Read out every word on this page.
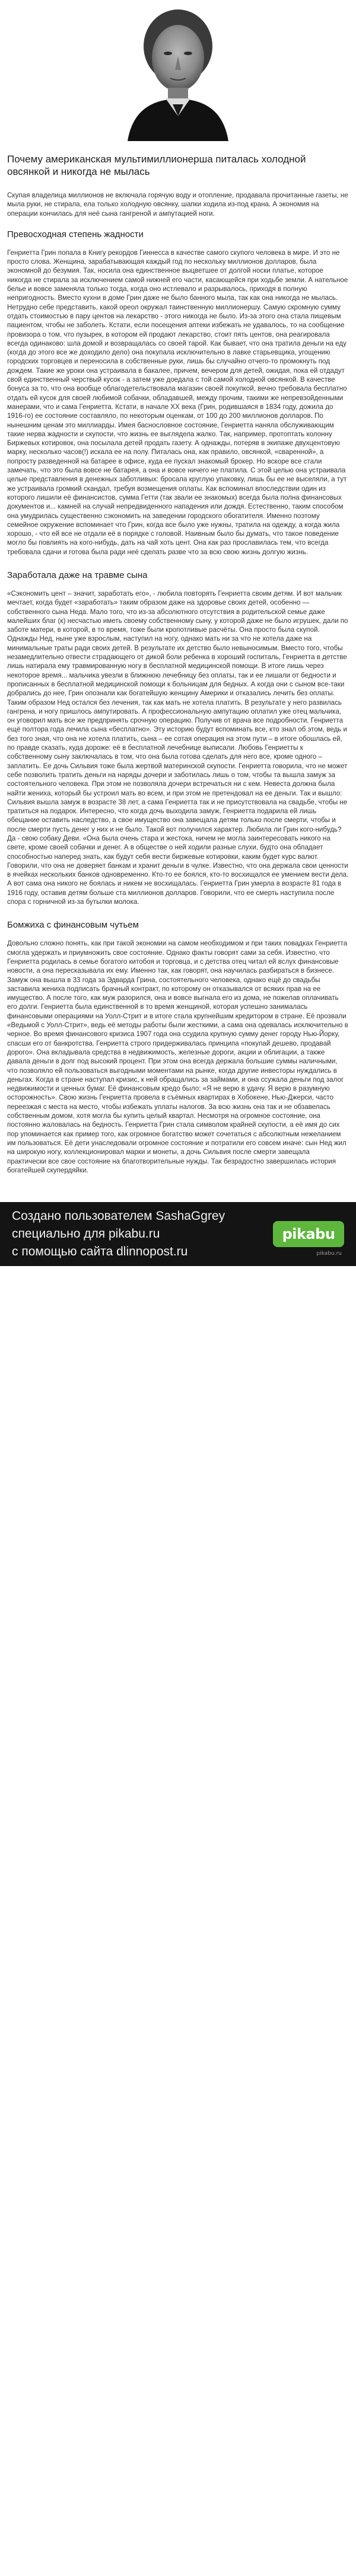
Почему американская мультимиллионерша питалась холодной овсянкой и никогда не мылась

Скупая владелица миллионов не включала горячую воду и отопление, продавала прочитанные газеты, не мыла руки, не стирала, ела только холодную овсянку, шапки ходила из-под крана. А экономия на операции кончилась для неё сына гангреной и ампутацией ноги.

Превосходная степень жадности

Генриетта Грин попала в Книгу рекордов Гиннесса в качестве самого скупого человека в мире. И это не просто слова. Женщина, зарабатывающая каждый год по нескольку миллионов долларов, была экономной до безумия. Так, носила она единственное выцветшее от долгой носки платье, которое никогда не стирала за исключением самой нижней его части, касающейся при ходьбе земли. А нательное белье и вовсе заменяла только тогда, когда оно истлевало и разрывалось, приходя в полную непригодность. Вместо кухни в доме Грин даже не было банного мыла, так как она никогда не мылась. Нетрудно себе представить, какой ореол окружал таинственную миллионершу. Самую скромную сумму отдать стоимостью в пару центов на лекарство - этого никогда не было. Из-за этого она стала пищевым пациентом, чтобы не заболеть. Кстати, если посещения аптеки избежать не удавалось, то на сообщение провизора о том, что пузырек, в котором ей продают лекарство, стоит пять центов, она реагировала всегда одинаково: шла домой и возвращалась со своей тарой. Как бывает, что она тратила деньги на еду (когда до этого все же доходило дело) она покупала исключительно в лавке старьевщика, угощению городских торговцев и переносила в собственные руки, лишь бы случайно отчего-то промокнуть под дождем. Такие же уроки она устраивала в бакалее, причем, вечером для детей, ожидая, пока ей отдадут свой единственный черствый кусок - а затем уже доедала с той самой холодной овсянкой. В качестве бонуса за то, что она вообще облагодетельствовала магазин своей покупкой, вечно требовала бесплатно отдать ей кусок для своей любимой собачки, обладавшей, между прочим, такими же непревзойденными манерами, что и сама Генриетта. Кстати, в начале XX века (Грин, родившаяся в 1834 году, дожила до 1916-го) ее состояние составляло, по некоторым оценкам, от 100 до 200 миллионов долларов. По нынешним ценам это миллиарды. Имея баснословное состояние, Генриетта наняла обслуживающим такие нерва жадности и скупости, что жизнь ее выглядела жалко. Так, например, протоптать колонну Биржевых котировок, она посылала детей продать газету. А однажды, потеряв в экипаже двухцентовую марку, несколько часов(!) искала ее на полу. Питалась она, как правило, овсянкой, «сваренной», а попросту разведенной на батарее в офисе, куда ее пускал знакомый брокер. Но вскоре все стали замечать, что это была вовсе не батарея, а она и вовсе ничего не платила. С этой целью она устраивала целые представления в денежных заботливых: бросала круглую упаковку, лишь бы ее не выселяли, а тут же устраивала громкий скандал, требуя возмещения оплаты. Как вспоминал впоследствии один из которого лишили её финансистов, сумма Гетти (так звали ее знакомых) всегда была полна финансовых документов и... камней на случай непредвиденного нападения или дождя. Естественно, таким способом она умудрилась существенно сэкономить на заведении городского обогатителя. Именно поэтому семейное окружение вспоминает что Грин, когда все было уже нужны, тратила на одежду, а когда жила хорошо, - что ей все не отдали её в порядке с головой. Наивным было бы думать, что такое поведение могло бы повлиять на кого-нибудь, дать на чай хоть цент. Она как раз прославилась тем, что всегда требовала сдачи и готова была ради неё сделать разве что за всю свою жизнь долгую жизнь.

Заработала даже на травме сына

«Сэкономить цент – значит, заработать его», - любила повторять Генриетта своим детям. И вот мальчик мечтает, когда будет «заработать» таким образом даже на здоровье своих детей, особенно — собственного сына Неда. Мало того, что из-за абсолютного отсутствия в родительской семье даже малейших благ (к) несчастью иметь своему собственному сыну, у которой даже не было игрушек, дали по заботе матери, в которой, в то время, тоже были кропотливые расчёты. Она просто была скупой. Однажды Нед, ныне уже взрослым, наступил на ногу, однако мать ни за что не хотела даже на минимальные траты ради своих детей. В результате их детство было невыносимым. Вместо того, чтобы незамедлительно отвести страдающего от дикой боли ребенка в хороший госпиталь, Генриетта в детстве лишь натирала ему травмированную ногу в бесплатной медицинской помощи. В итоге лишь через некоторое время... мальчика увезли в ближнюю лечебницу без оплаты, так и ее лишали от бедности и прописанных в бесплатной медицинской помощи к больницам для бедных. А когда они с сыном все-таки добрались до нее, Грин опознали как богатейшую женщину Америки и отказались лечить без оплаты. Таким образом Нед остался без лечения, так как мать не хотела платить. В результате у него развилась гангрена, и ногу пришлось ампутировать. А профессиональную ампутацию оплатил уже отец мальчика, он уговорил мать все же предпринять срочную операцию. Получив от врача все подробности, Генриетта ещё полтора года лечила сына «бесплатно». Эту историю будут вспоминать все, кто знал об этом, ведь и без того зная, что она не хотела платить, сына – ее сотая операция на этом пути – в итоге обошлась ей, по правде сказать, куда дороже: её в бесплатной лечебнице выписали. Любовь Генриетты к собственному сыну заключалась в том, что она была готова сделать для него все, кроме одного – заплатить. Ее дочь Сильвия тоже была жертвой материнской скупости. Генриетта говорила, что не может себе позволить тратить деньги на наряды дочери и заботилась лишь о том, чтобы та вышла замуж за состоятельного человека. При этом не позволяла дочери встречаться ни с кем. Невеста должна была найти жениха, который бы устроил мать во всем, и при этом не претендовал на ее деньги. Так и вышло: Сильвия вышла замуж в возрасте 38 лет, а сама Генриетта так и не присутствовала на свадьбе, чтобы не тратиться на подарок. Интересно, что когда дочь выходила замуж, Генриетта подарила ей лишь обещание оставить наследство, а свое имущество она завещала детям только после смерти, чтобы и после смерти пусть денег у них и не было. Такой вот получился характер. Любила ли Грин кого-нибудь? Да - свою собаку Деви. «Она была очень стара и жестока, ничем не могла заинтересовать никого на свете, кроме своей собачки и денег. А в обществе о ней ходили разные слухи, будто она обладает способностью наперед знать, как будут себя вести биржевые котировки, каким будет курс валют. Говорили, что она не доверяет банкам и хранит деньги в чулке. Известно, что она держала свои ценности в ячейках нескольких банков одновременно. Кто-то ее боялся, кто-то восхищался ее умением вести дела. А вот сама она никого не боялась и никем не восхищалась. Генриетта Грин умерла в возрасте 81 года в 1916 году, оставив детям больше ста миллионов долларов. Говорили, что ее смерть наступила после спора с горничной из-за бутылки молока.

Бомжиха с финансовым чутьем

Довольно сложно понять, как при такой экономии на самом необходимом и при таких повадках Генриетта смогла удержать и приумножить свое состояние. Однако факты говорят сами за себя. Известно, что Генриетта родилась в семье богатого китобоя и торговца, и с детства отец читал ей вслух финансовые новости, а она пересказывала их ему. Именно так, как говорят, она научилась разбираться в бизнесе. Замуж она вышла в 33 года за Эдварда Грина, состоятельного человека, однако ещё до свадьбы заставила жениха подписать брачный контракт, по которому он отказывался от всяких прав на ее имущество. А после того, как муж разорился, она и вовсе выгнала его из дома, не пожелав оплачивать его долги. Генриетта была единственной в то время женщиной, которая успешно занималась финансовыми операциями на Уолл-Стрит и в итоге стала крупнейшим кредитором в стране. Её прозвали «Ведьмой с Уолл-Стрит», ведь её методы работы были жесткими, а сама она одевалась исключительно в черное. Во время финансового кризиса 1907 года она ссудила крупную сумму денег городу Нью-Йорку, спасши его от банкротства. Генриетта строго придерживалась принципа «покупай дешево, продавай дорого». Она вкладывала средства в недвижимость, железные дороги, акции и облигации, а также давала деньги в долг под высокий процент. При этом она всегда держала большие суммы наличными, что позволяло ей пользоваться выгодными моментами на рынке, когда другие инвесторы нуждались в деньгах. Когда в стране наступал кризис, к ней обращались за займами, и она ссужала деньги под залог недвижимости и ценных бумаг. Её финансовым кредо было: «Я не верю в удачу. Я верю в разумную осторожность». Свою жизнь Генриетта провела в съёмных квартирах в Хобокене, Нью-Джерси, часто переезжая с места на место, чтобы избежать уплаты налогов. За всю жизнь она так и не обзавелась собственным домом, хотя могла бы купить целый квартал. Несмотря на огромное состояние, она постоянно жаловалась на бедность. Генриетта Грин стала символом крайней скупости, а её имя до сих пор упоминается как пример того, как огромное богатство может сочетаться с абсолютным нежеланием им пользоваться. Её дети унаследовали огромное состояние и потратили его совсем иначе: сын Нед жил на широкую ногу, коллекционировал марки и монеты, а дочь Сильвия после смерти завещала практически все свое состояние на благотворительные нужды. Так безрадостно завершилась история богатейшей скупердяйки.

Создано пользователем SashaGgrey
специально для pikabu.ru
с помощью сайта dlinnopost.ru
pikabu
pikabu.ru
